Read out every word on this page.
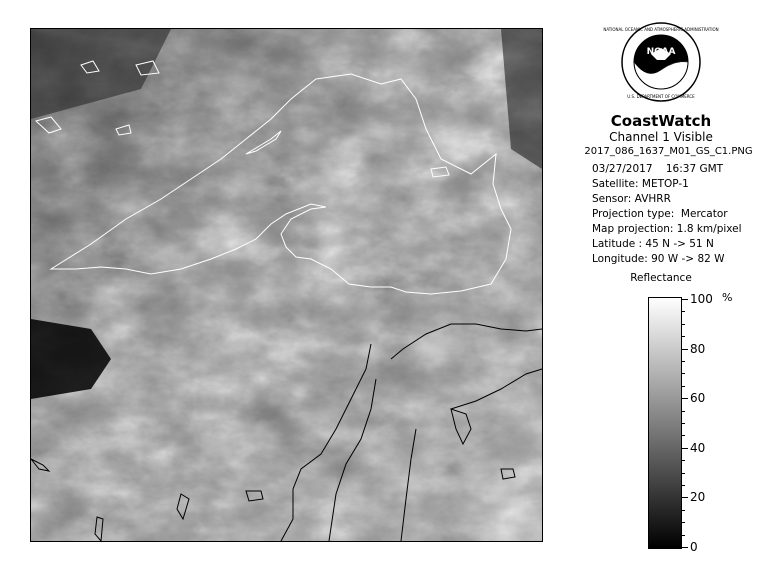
NOAA
NATIONAL OCEANIC AND ATMOSPHERIC ADMINISTRATION
U.S. DEPARTMENT OF COMMERCE
CoastWatch
Channel 1 Visible
2017_086_1637_M01_GS_C1.PNG
03/27/2017    16:37 GMT
Satellite: METOP-1
Sensor: AVHRR
Projection type:  Mercator
Map projection: 1.8 km/pixel
Latitude : 45 N -> 51 N
Longitude: 90 W -> 82 W
Reflectance
%
100
80
60
40
20
0
